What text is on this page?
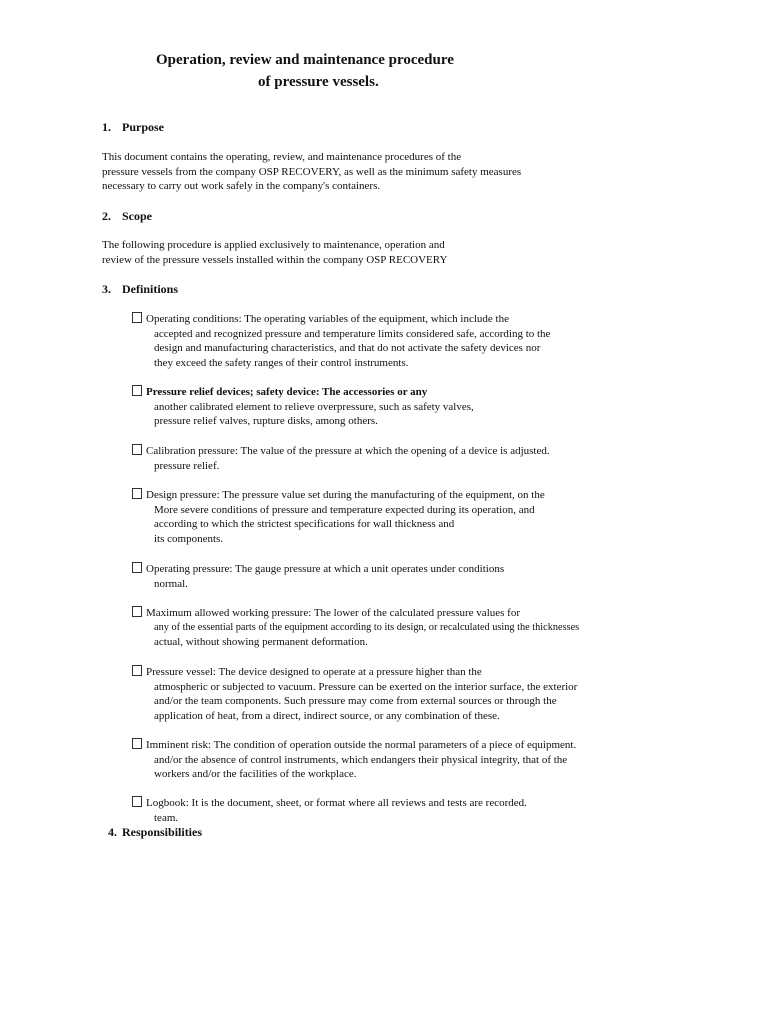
Operation, review and maintenance procedure
of pressure vessels.
1. Purpose
This document contains the operating, review, and maintenance procedures of the
pressure vessels from the company OSP RECOVERY, as well as the minimum safety measures
necessary to carry out work safely in the company's containers.
2. Scope
The following procedure is applied exclusively to maintenance, operation and
review of the pressure vessels installed within the company OSP RECOVERY
3. Definitions
Operating conditions: The operating variables of the equipment, which include the
accepted and recognized pressure and temperature limits considered safe, according to the
design and manufacturing characteristics, and that do not activate the safety devices nor
they exceed the safety ranges of their control instruments.
Pressure relief devices; safety device: The accessories or any
another calibrated element to relieve overpressure, such as safety valves,
pressure relief valves, rupture disks, among others.
Calibration pressure: The value of the pressure at which the opening of a device is adjusted.
pressure relief.
Design pressure: The pressure value set during the manufacturing of the equipment, on the
More severe conditions of pressure and temperature expected during its operation, and
according to which the strictest specifications for wall thickness and
its components.
Operating pressure: The gauge pressure at which a unit operates under conditions
normal.
Maximum allowed working pressure: The lower of the calculated pressure values for
any of the essential parts of the equipment according to its design, or recalculated using the thicknesses
actual, without showing permanent deformation.
Pressure vessel: The device designed to operate at a pressure higher than the
atmospheric or subjected to vacuum. Pressure can be exerted on the interior surface, the exterior
and/or the team components. Such pressure may come from external sources or through the
application of heat, from a direct, indirect source, or any combination of these.
Imminent risk: The condition of operation outside the normal parameters of a piece of equipment.
and/or the absence of control instruments, which endangers their physical integrity, that of the
workers and/or the facilities of the workplace.
Logbook: It is the document, sheet, or format where all reviews and tests are recorded.
team.
4. Responsibilities
